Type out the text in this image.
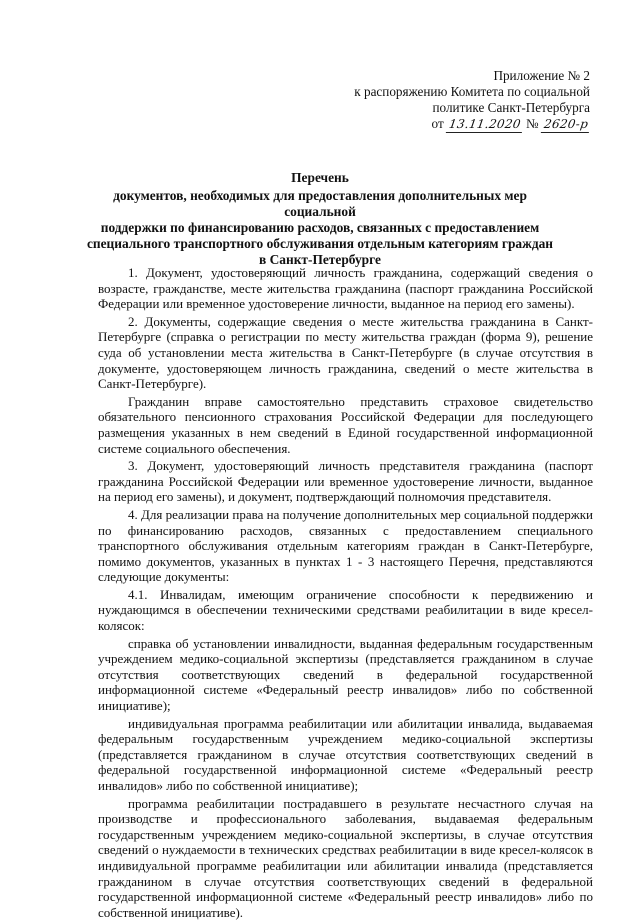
Приложение № 2
к распоряжению Комитета по социальной
политике Санкт-Петербурга
от 13.11.2020 № 2620-р
Перечень
документов, необходимых для предоставления дополнительных мер социальной
поддержки по финансированию расходов, связанных с предоставлением
специального транспортного обслуживания отдельным категориям граждан
в Санкт-Петербурге

1. Документ, удостоверяющий личность гражданина, содержащий сведения о возрасте, гражданстве, месте жительства гражданина (паспорт гражданина Российской Федерации или временное удостоверение личности, выданное на период его замены).

2. Документы, содержащие сведения о месте жительства гражданина в Санкт-Петербурге (справка о регистрации по месту жительства граждан (форма 9), решение суда об установлении места жительства в Санкт-Петербурге (в случае отсутствия в документе, удостоверяющем личность гражданина, сведений о месте жительства в Санкт-Петербурге).

Гражданин вправе самостоятельно представить страховое свидетельство обязательного пенсионного страхования Российской Федерации для последующего размещения указанных в нем сведений в Единой государственной информационной системе социального обеспечения.

3. Документ, удостоверяющий личность представителя гражданина (паспорт гражданина Российской Федерации или временное удостоверение личности, выданное на период его замены), и документ, подтверждающий полномочия представителя.

4. Для реализации права на получение дополнительных мер социальной поддержки по финансированию расходов, связанных с предоставлением специального транспортного обслуживания отдельным категориям граждан в Санкт-Петербурге, помимо документов, указанных в пунктах 1 - 3 настоящего Перечня, представляются следующие документы:

4.1. Инвалидам, имеющим ограничение способности к передвижению и нуждающимся в обеспечении техническими средствами реабилитации в виде кресел-колясок:

справка об установлении инвалидности, выданная федеральным государственным учреждением медико-социальной экспертизы (представляется гражданином в случае отсутствия соответствующих сведений в федеральной государственной информационной системе «Федеральный реестр инвалидов» либо по собственной инициативе);

индивидуальная программа реабилитации или абилитации инвалида, выдаваемая федеральным государственным учреждением медико-социальной экспертизы (представляется гражданином в случае отсутствия соответствующих сведений в федеральной государственной информационной системе «Федеральный реестр инвалидов» либо по собственной инициативе);

программа реабилитации пострадавшего в результате несчастного случая на производстве и профессионального заболевания, выдаваемая федеральным государственным учреждением медико-социальной экспертизы, в случае отсутствия сведений о нуждаемости в технических средствах реабилитации в виде кресел-колясок в индивидуальной программе реабилитации или абилитации инвалида (представляется гражданином в случае отсутствия соответствующих сведений в федеральной государственной информационной системе «Федеральный реестр инвалидов» либо по собственной инициативе).
